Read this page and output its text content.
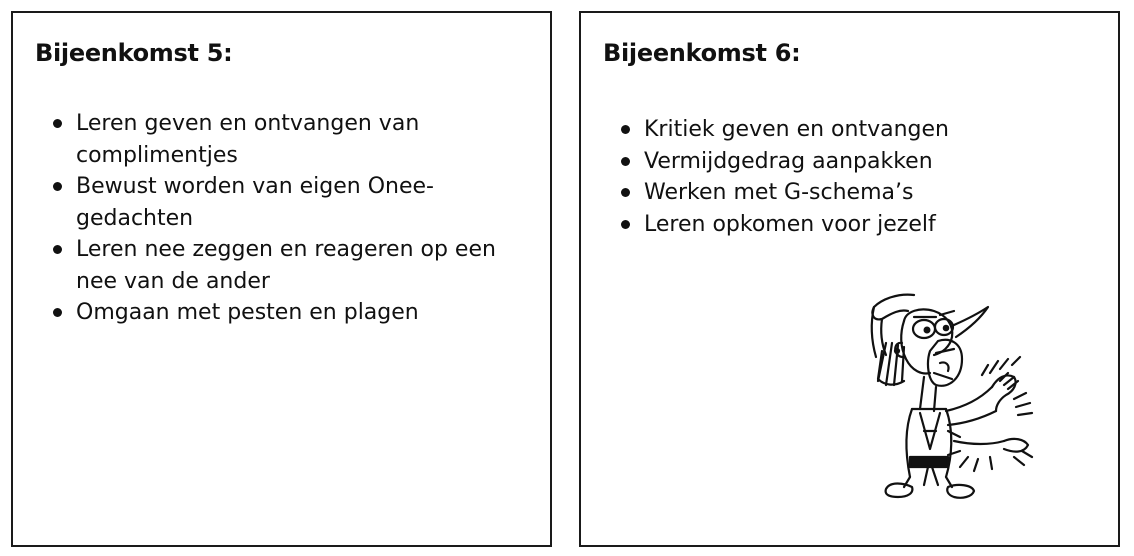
Bijeenkomst 5:
Leren geven en ontvangen van complimentjes
Bewust worden van eigen Onee-gedachten
Leren nee zeggen en reageren op een nee van de ander
Omgaan met pesten en plagen
Bijeenkomst 6:
Kritiek geven en ontvangen
Vermijdgedrag aanpakken
Werken met G-schema’s
Leren opkomen voor jezelf
